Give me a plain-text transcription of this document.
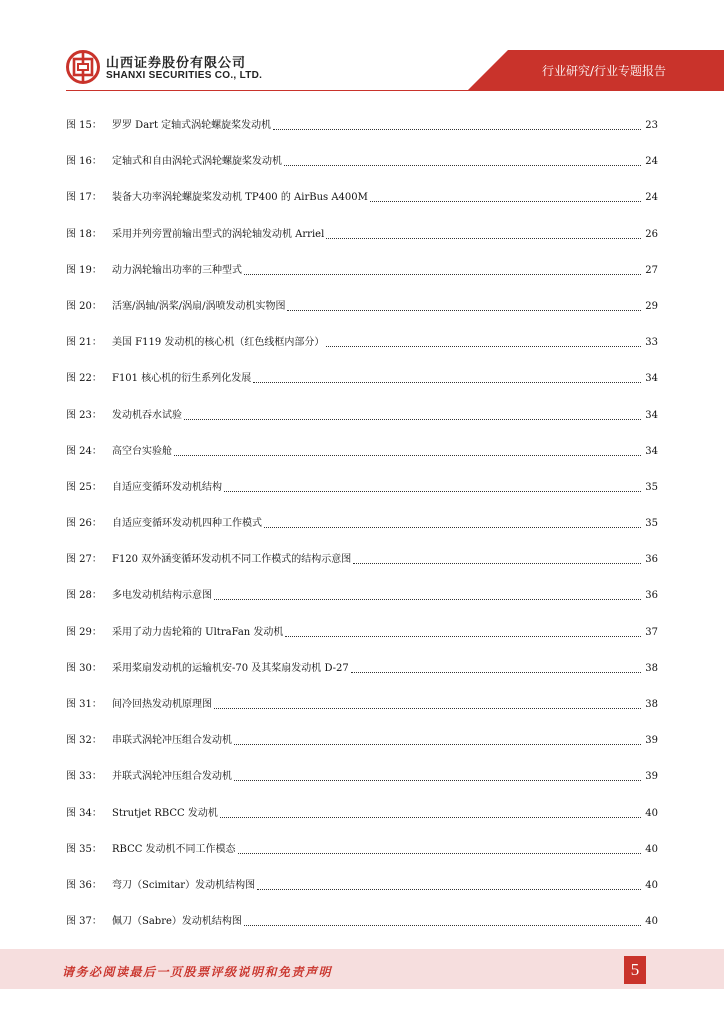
山西证券股份有限公司
SHANXI SECURITIES CO., LTD.	行业研究/行业专题报告
图 15：	罗罗 Dart 定轴式涡轮螺旋桨发动机	23
图 16：	定轴式和自由涡轮式涡轮螺旋桨发动机	24
图 17：	装备大功率涡轮螺旋桨发动机 TP400 的 AirBus A400M	24
图 18：	采用并列旁置前输出型式的涡轮轴发动机 Arriel	26
图 19：	动力涡轮输出功率的三种型式	27
图 20：	活塞/涡轴/涡桨/涡扇/涡喷发动机实物图	29
图 21：	美国 F119 发动机的核心机（红色线框内部分）	33
图 22：	F101 核心机的衍生系列化发展	34
图 23：	发动机吞水试验	34
图 24：	高空台实验舱	34
图 25：	自适应变循环发动机结构	35
图 26：	自适应变循环发动机四种工作模式	35
图 27：	F120 双外涵变循环发动机不同工作模式的结构示意图	36
图 28：	多电发动机结构示意图	36
图 29：	采用了动力齿轮箱的 UltraFan 发动机	37
图 30：	采用桨扇发动机的运输机安-70 及其桨扇发动机 D-27	38
图 31：	间冷回热发动机原理图	38
图 32：	串联式涡轮冲压组合发动机	39
图 33：	并联式涡轮冲压组合发动机	39
图 34：	Strutjet RBCC 发动机	40
图 35：	RBCC 发动机不同工作模态	40
图 36：	弯刀（Scimitar）发动机结构图	40
图 37：	佩刀（Sabre）发动机结构图	40
请务必阅读最后一页股票评级说明和免责声明	5
